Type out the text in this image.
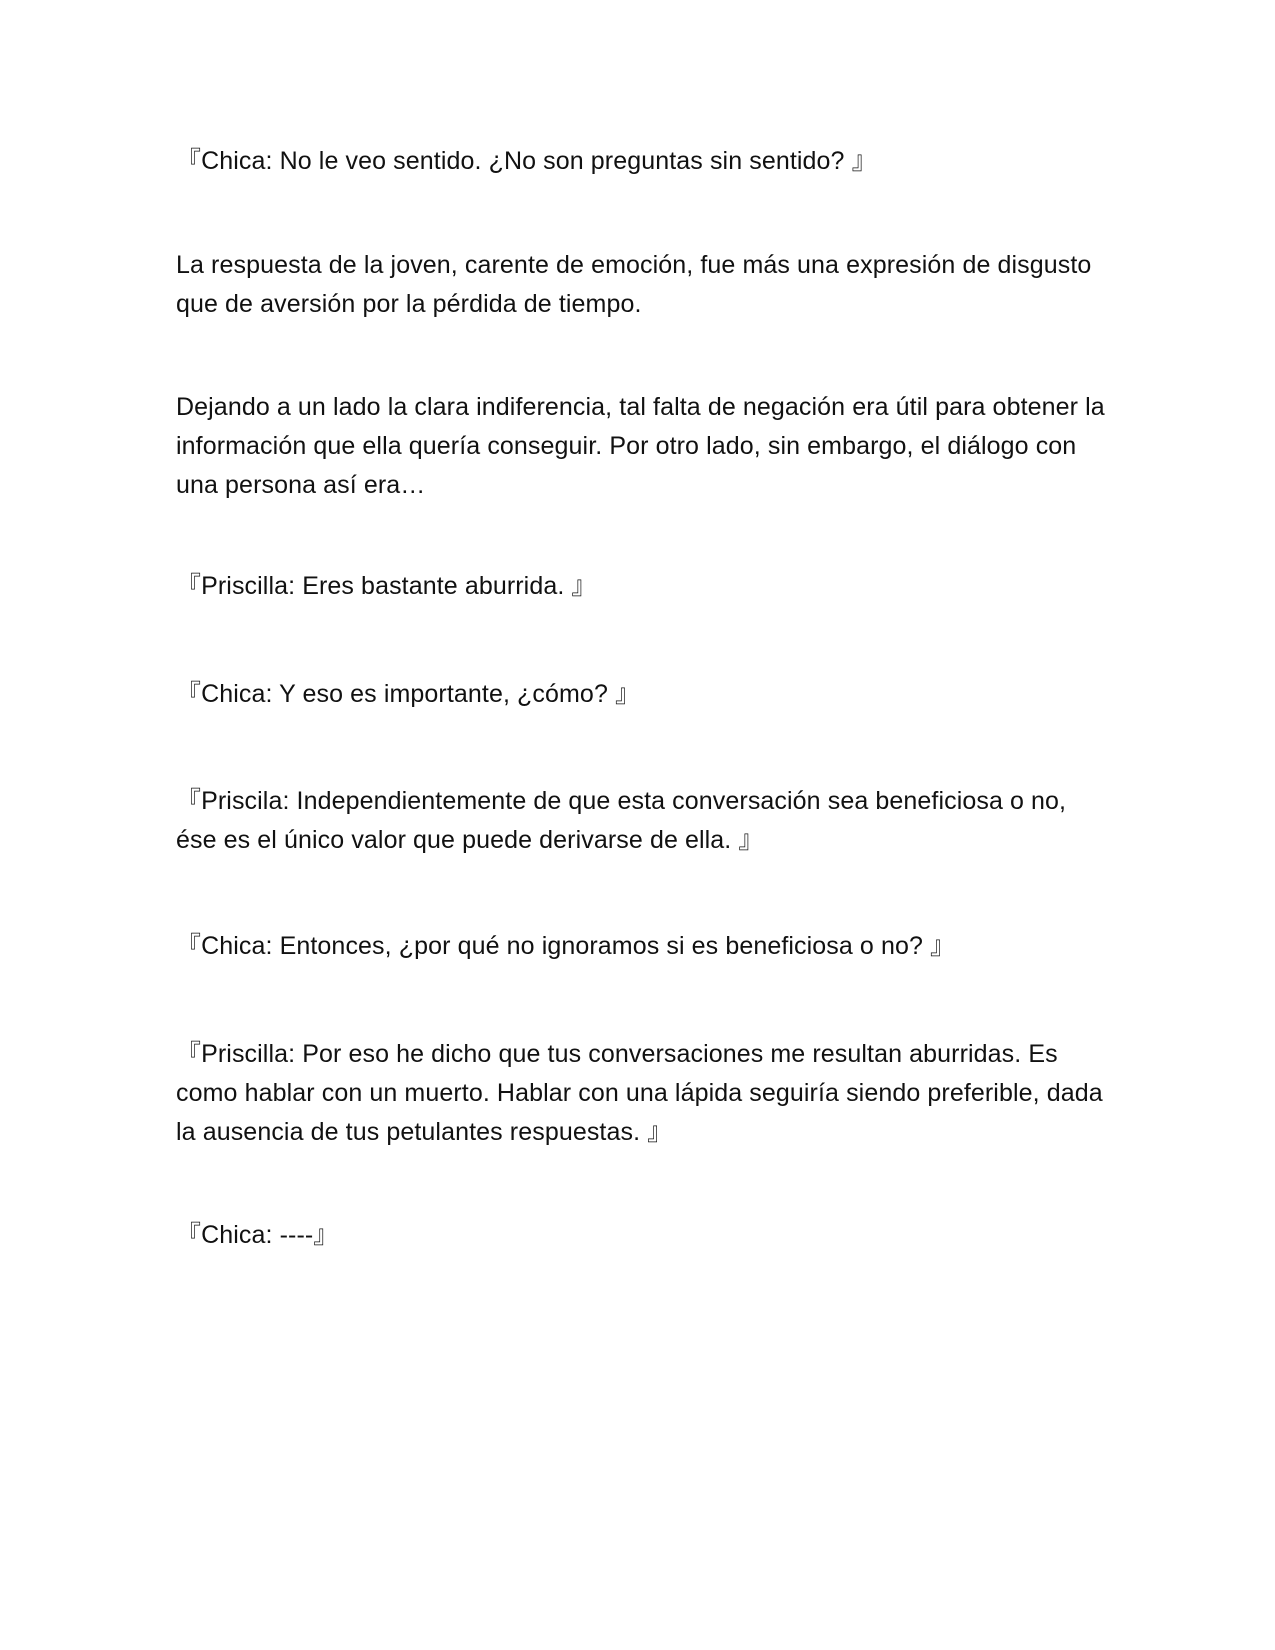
『Chica: No le veo sentido. ¿No son preguntas sin sentido? 』

La respuesta de la joven, carente de emoción, fue más una expresión de disgusto que de aversión por la pérdida de tiempo.

Dejando a un lado la clara indiferencia, tal falta de negación era útil para obtener la información que ella quería conseguir. Por otro lado, sin embargo, el diálogo con una persona así era…

『Priscilla: Eres bastante aburrida. 』

『Chica: Y eso es importante, ¿cómo? 』

『Priscila: Independientemente de que esta conversación sea beneficiosa o no, ése es el único valor que puede derivarse de ella. 』

『Chica: Entonces, ¿por qué no ignoramos si es beneficiosa o no? 』

『Priscilla: Por eso he dicho que tus conversaciones me resultan aburridas. Es como hablar con un muerto. Hablar con una lápida seguiría siendo preferible, dada la ausencia de tus petulantes respuestas. 』

『Chica: ----』
